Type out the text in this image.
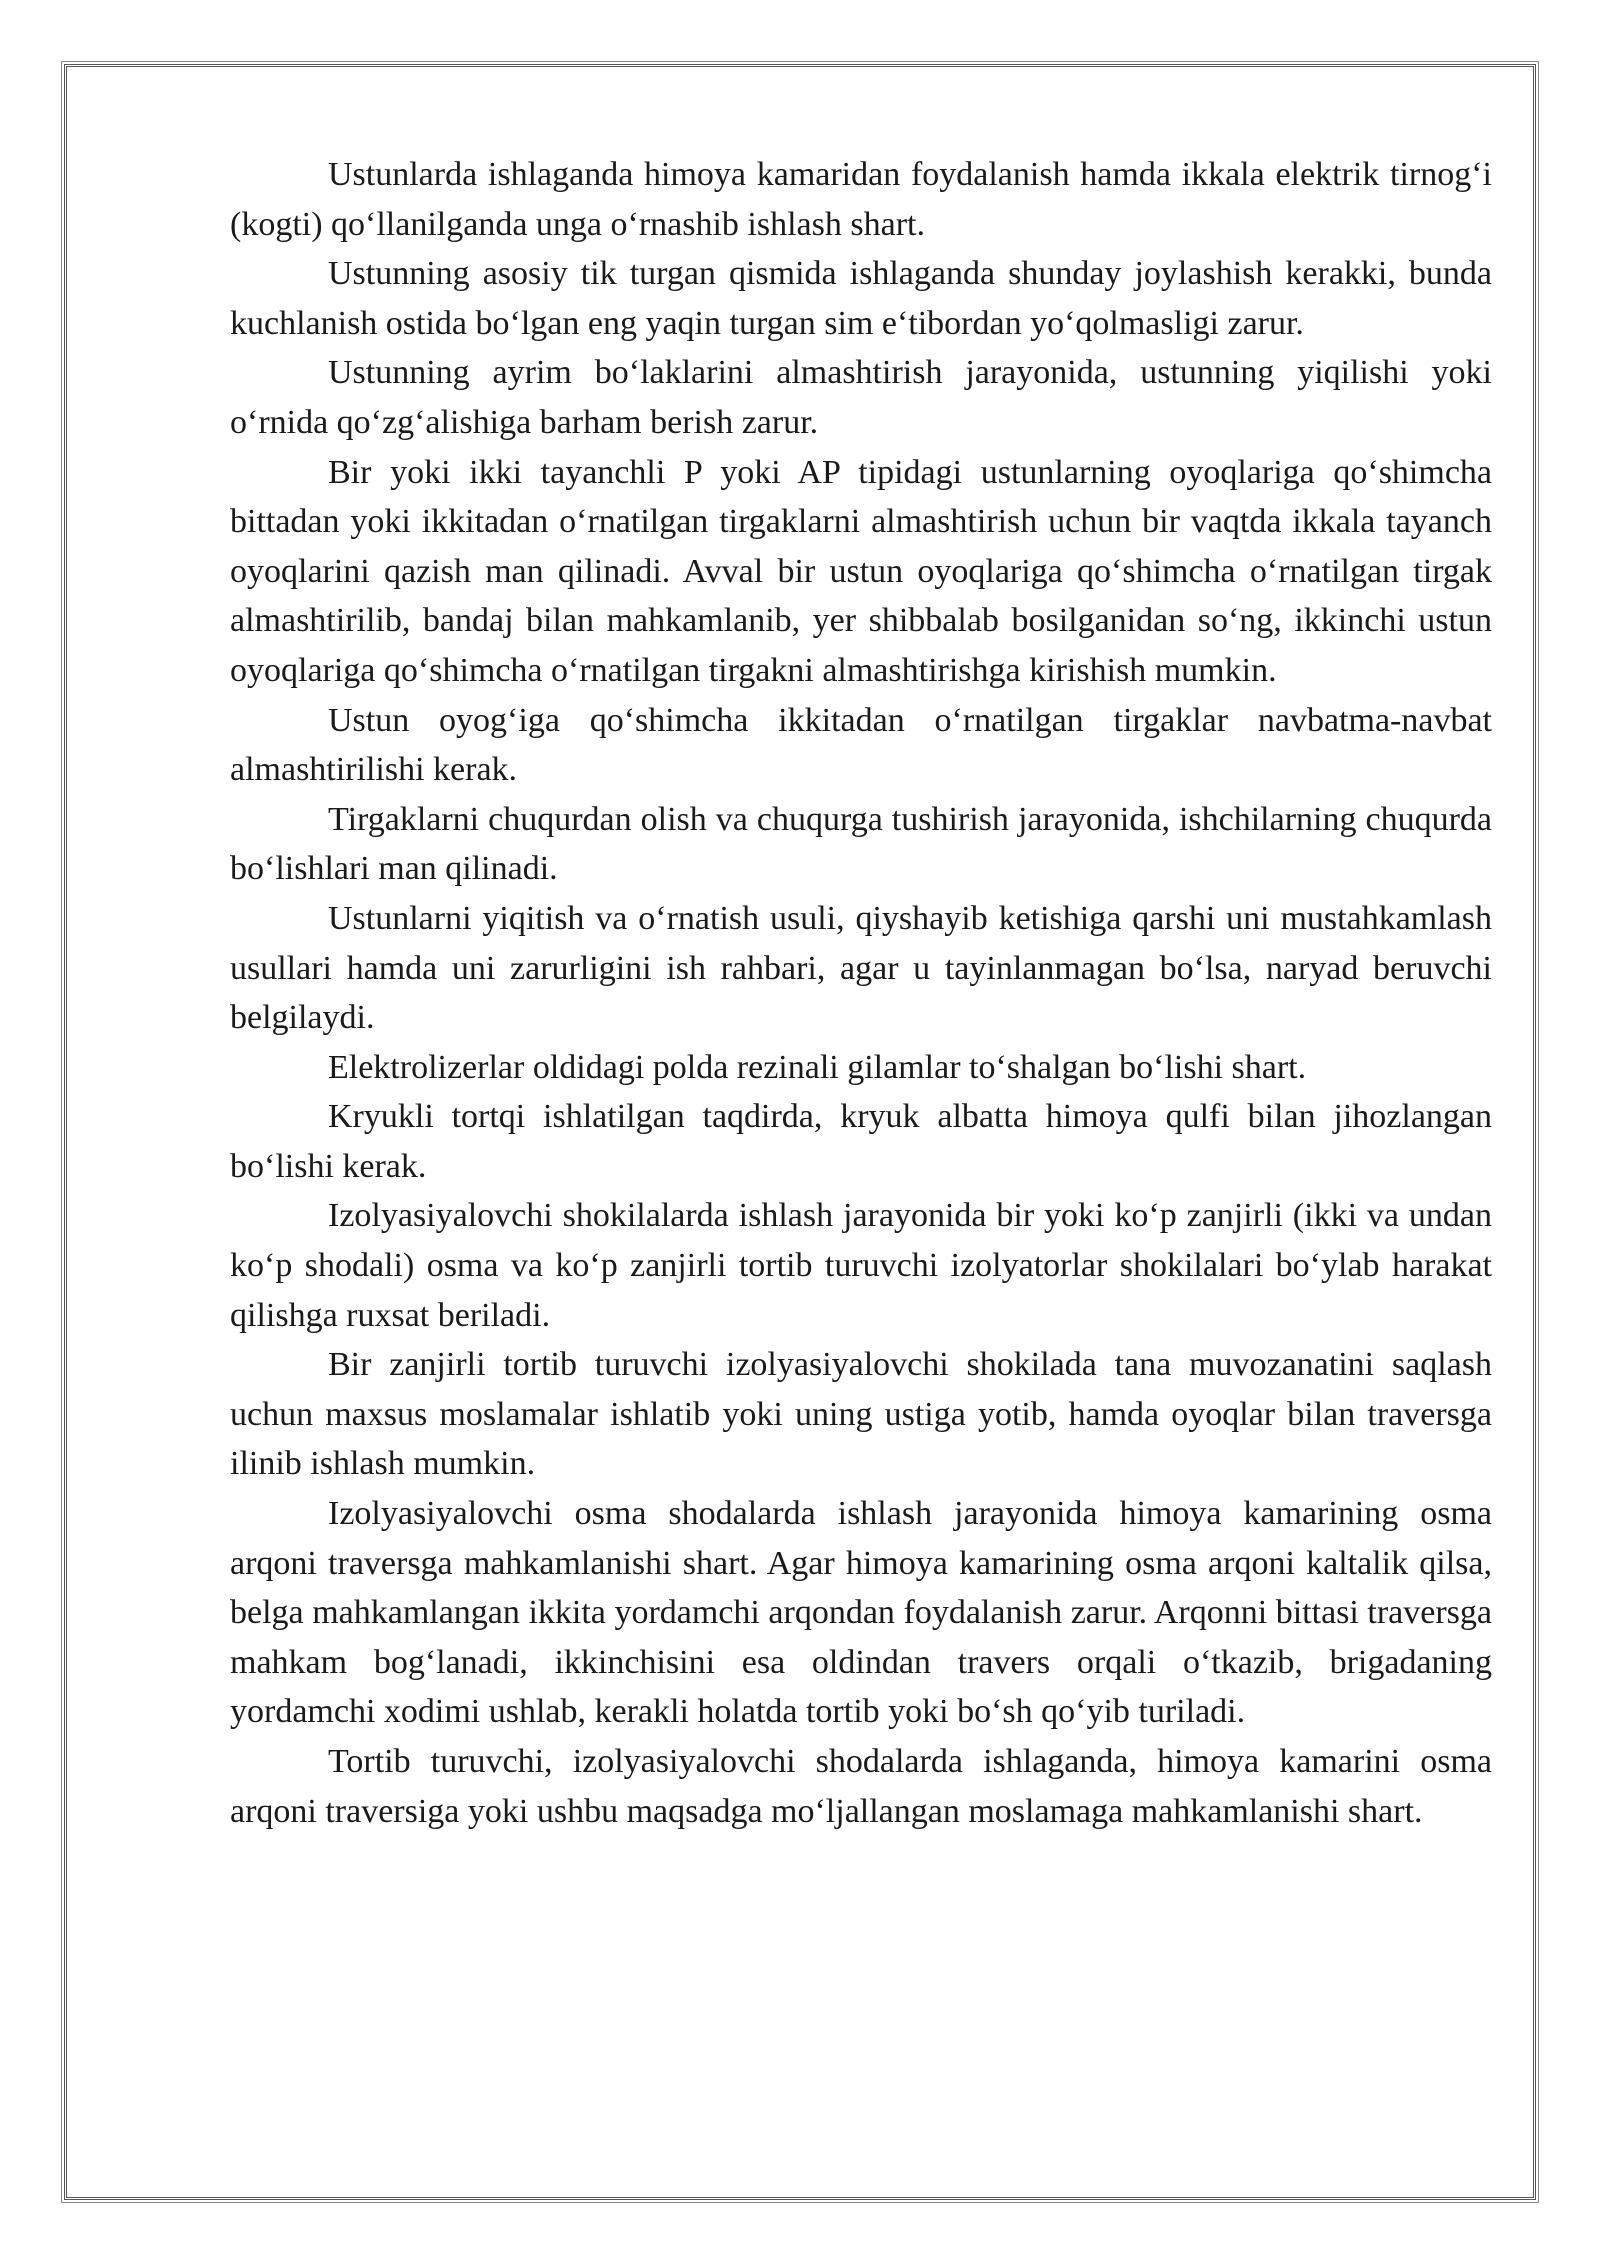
Ustunlarda ishlaganda himoya kamaridan foydalanish hamda ikkala elektrik tirnog‘i (kogti) qo‘llanilganda unga o‘rnashib ishlash shart.

Ustunning asosiy tik turgan qismida ishlaganda shunday joylashish kerakki, bunda kuchlanish ostida bo‘lgan eng yaqin turgan sim e‘tibordan yo‘qolmasligi zarur.

Ustunning ayrim bo‘laklarini almashtirish jarayonida, ustunning yiqilishi yoki o‘rnida qo‘zg‘alishiga barham berish zarur.

Bir yoki ikki tayanchli P yoki AP tipidagi ustunlarning oyoqlariga qo‘shimcha bittadan yoki ikkitadan o‘rnatilgan tirgaklarni almashtirish uchun bir vaqtda ikkala tayanch oyoqlarini qazish man qilinadi. Avval bir ustun oyoqlariga qo‘shimcha o‘rnatilgan tirgak almashtirilib, bandaj bilan mahkamlanib, yer shibbalab bosilganidan so‘ng, ikkinchi ustun oyoqlariga qo‘shimcha o‘rnatilgan tirgakni almashtirishga kirishish mumkin.

Ustun oyog‘iga qo‘shimcha ikkitadan o‘rnatilgan tirgaklar navbatma-navbat almashtirilishi kerak.

Tirgaklarni chuqurdan olish va chuqurga tushirish jarayonida, ishchilarning chuqurda bo‘lishlari man qilinadi.

Ustunlarni yiqitish va o‘rnatish usuli, qiyshayib ketishiga qarshi uni mustahkamlash usullari hamda uni zarurligini ish rahbari, agar u tayinlanmagan bo‘lsa, naryad beruvchi belgilaydi.

Elektrolizerlar oldidagi polda rezinali gilamlar to‘shalgan bo‘lishi shart.

Kryukli tortqi ishlatilgan taqdirda, kryuk albatta himoya qulfi bilan jihozlangan bo‘lishi kerak.

Izolyasiyalovchi shokilalarda ishlash jarayonida bir yoki ko‘p zanjirli (ikki va undan ko‘p shodali) osma va ko‘p zanjirli tortib turuvchi izolyatorlar shokilalari bo‘ylab harakat qilishga ruxsat beriladi.

Bir zanjirli tortib turuvchi izolyasiyalovchi shokilada tana muvozanatini saqlash uchun maxsus moslamalar ishlatib yoki uning ustiga yotib, hamda oyoqlar bilan traversga ilinib ishlash mumkin.

Izolyasiyalovchi osma shodalarda ishlash jarayonida himoya kamarining osma arqoni traversga mahkamlanishi shart. Agar himoya kamarining osma arqoni kaltalik qilsa, belga mahkamlangan ikkita yordamchi arqondan foydalanish zarur. Arqonni bittasi traversga mahkam bog‘lanadi, ikkinchisini esa oldindan travers orqali o‘tkazib, brigadaning yordamchi xodimi ushlab, kerakli holatda tortib yoki bo‘sh qo‘yib turiladi.

Tortib turuvchi, izolyasiyalovchi shodalarda ishlaganda, himoya kamarini osma arqoni traversiga yoki ushbu maqsadga mo‘ljallangan moslamaga mahkamlanishi shart.
